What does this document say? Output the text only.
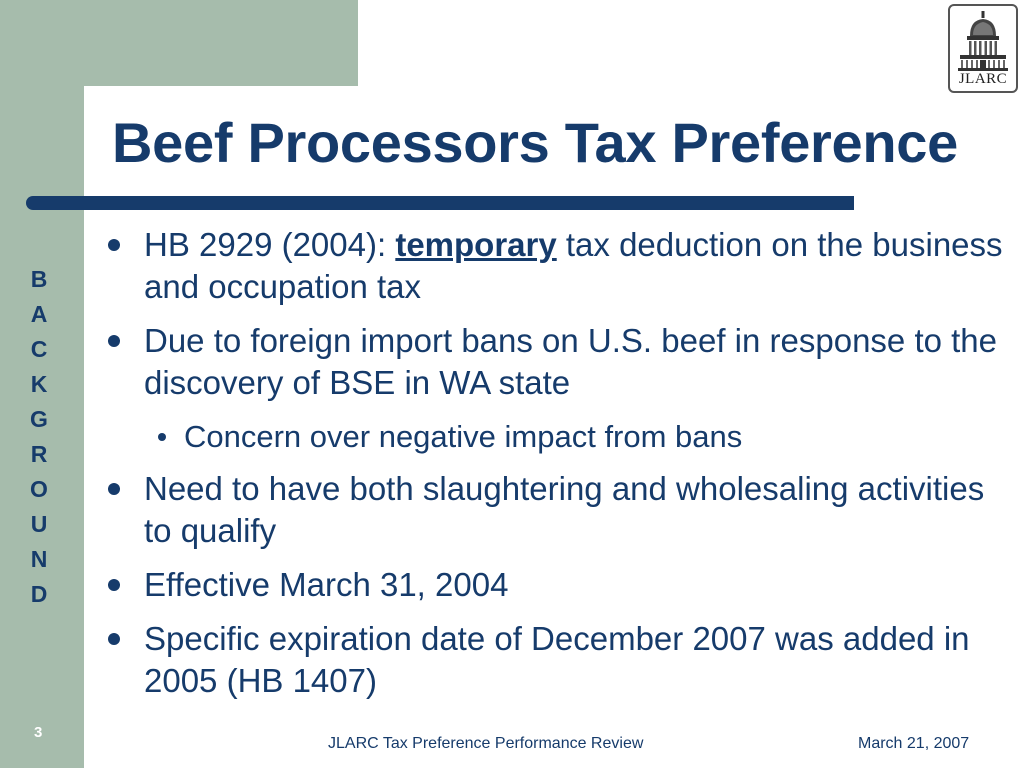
Beef Processors Tax Preference
B
A
C
K
G
R
O
U
N
D
JLARC
HB 2929 (2004): temporary tax deduction on the business and occupation tax
Due to foreign import bans on U.S. beef in response to the discovery of BSE in WA state
Concern over negative impact from bans
Need to have both slaughtering and wholesaling activities to qualify
Effective March 31, 2004
Specific expiration date of December 2007 was added in 2005 (HB 1407)
3
JLARC Tax Preference Performance Review	March 21, 2007
